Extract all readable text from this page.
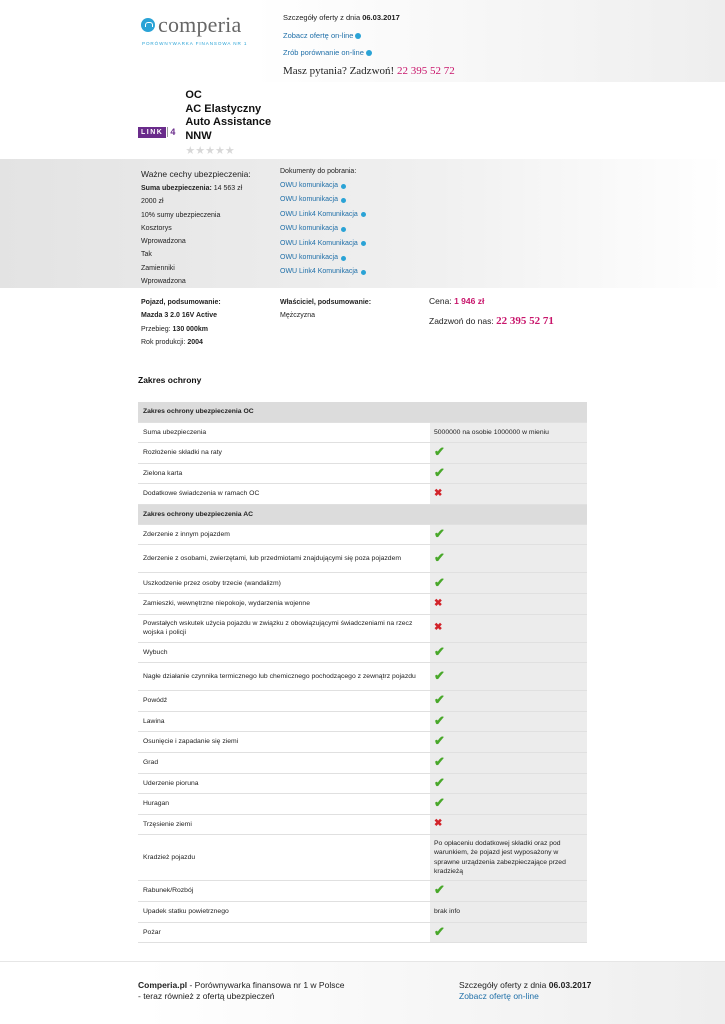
comperia
PORÓWNYWARKA FINANSOWA NR 1
Szczegóły oferty z dnia 06.03.2017
Zobacz ofertę on-line
Zrób porównanie on-line
Masz pytania? Zadzwoń! 22 395 52 72
LINK 4
OC
AC Elastyczny
Auto Assistance
NNW
★ ★ ★ ★ ★
Ważne cechy ubezpieczenia:
Suma ubezpieczenia: 14 563 zł
2000 zł
10% sumy ubezpieczenia
Kosztorys
Wprowadzona
Tak
Zamienniki
Wprowadzona
Dokumenty do pobrania:
OWU komunikacja
OWU komunikacja
OWU Link4 Komunikacja
OWU komunikacja
OWU Link4 Komunikacja
OWU komunikacja
OWU Link4 Komunikacja
Pojazd, podsumowanie:
Mazda 3 2.0 16V Active
Przebieg: 130 000km
Rok produkcji: 2004
Właściciel, podsumowanie:
Mężczyzna
Cena: 1 946 zł
Zadzwoń do nas: 22 395 52 71
Zakres ochrony
Zakres ochrony ubezpieczenia OC	
Suma ubezpieczenia	5000000 na osobie 1000000 w mieniu
Rozłożenie składki na raty	✔
Zielona karta	✔
Dodatkowe świadczenia w ramach OC	✖
Zakres ochrony ubezpieczenia AC	
Zderzenie z innym pojazdem	✔
Zderzenie z osobami, zwierzętami, lub przedmiotami znajdującymi się poza pojazdem	✔
Uszkodzenie przez osoby trzecie (wandalizm)	✔
Zamieszki, wewnętrzne niepokoje, wydarzenia wojenne	✖
Powstałych wskutek użycia pojazdu w związku z obowiązującymi świadczeniami na rzecz wojska i policji	✖
Wybuch	✔
Nagłe działanie czynnika termicznego lub chemicznego pochodzącego z zewnątrz pojazdu	✔
Powódź	✔
Lawina	✔
Osunięcie i zapadanie się ziemi	✔
Grad	✔
Uderzenie pioruna	✔
Huragan	✔
Trzęsienie ziemi	✖
Kradzież pojazdu	Po opłaceniu dodatkowej składki oraz pod warunkiem, że pojazd jest wyposażony w sprawne urządzenia zabezpieczające przed kradzieżą
Rabunek/Rozbój	✔
Upadek statku powietrznego	brak info
Pożar	✔
Comperia.pl - Porównywarka finansowa nr 1 w Polsce
- teraz również z ofertą ubezpieczeń
Szczegóły oferty z dnia 06.03.2017
Zobacz ofertę on-line
